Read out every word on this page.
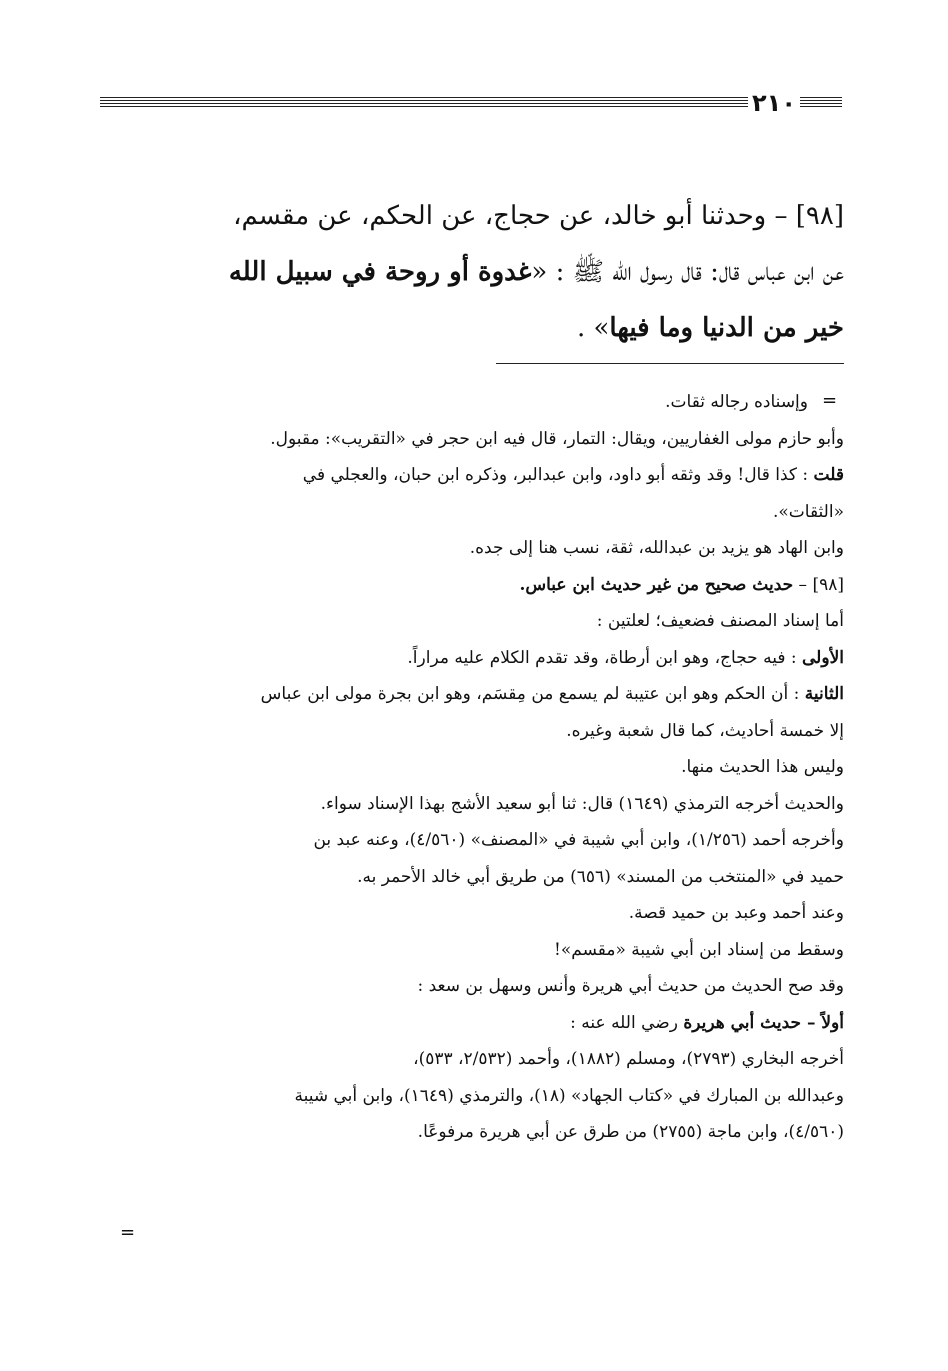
٢١٠
[٩٨] – وحدثنا أبو خالد، عن حجاج، عن الحكم، عن مقسم،
عن ابن عباس قال: قال رسول الله ﷺ : «غدوة أو روحة في سبيل الله
خير من الدنيا وما فيها» .
=
وإسناده رجاله ثقات.
وأبو حازم مولى الغفاريين، ويقال: التمار، قال فيه ابن حجر في «التقريب»: مقبول.
قلت : كذا قال! وقد وثقه أبو داود، وابن عبدالبر، وذكره ابن حبان، والعجلي في
«الثقات».
وابن الهاد هو يزيد بن عبدالله، ثقة، نسب هنا إلى جده.
[٩٨] – حديث صحيح من غير حديث ابن عباس.
أما إسناد المصنف فضعيف؛ لعلتين :
الأولى : فيه حجاج، وهو ابن أرطاة، وقد تقدم الكلام عليه مراراً.
الثانية : أن الحكم وهو ابن عتيبة لم يسمع من مِقسَم، وهو ابن بجرة مولى ابن عباس
إلا خمسة أحاديث، كما قال شعبة وغيره.
وليس هذا الحديث منها.
والحديث أخرجه الترمذي (١٦٤٩) قال: ثنا أبو سعيد الأشج بهذا الإسناد سواء.
وأخرجه أحمد (١/٢٥٦)، وابن أبي شيبة في «المصنف» (٤/٥٦٠)، وعنه عبد بن
حميد في «المنتخب من المسند» (٦٥٦) من طريق أبي خالد الأحمر به.
وعند أحمد وعبد بن حميد قصة.
وسقط من إسناد ابن أبي شيبة «مقسم»!
وقد صح الحديث من حديث أبي هريرة وأنس وسهل بن سعد :
أولاً – حديث أبي هريرة رضي الله عنه :
أخرجه البخاري (٢٧٩٣)، ومسلم (١٨٨٢)، وأحمد (٢/٥٣٢، ٥٣٣)،
وعبدالله بن المبارك في «كتاب الجهاد» (١٨)، والترمذي (١٦٤٩)، وابن أبي شيبة
(٤/٥٦٠)، وابن ماجة (٢٧٥٥) من طرق عن أبي هريرة مرفوعًا.
=
